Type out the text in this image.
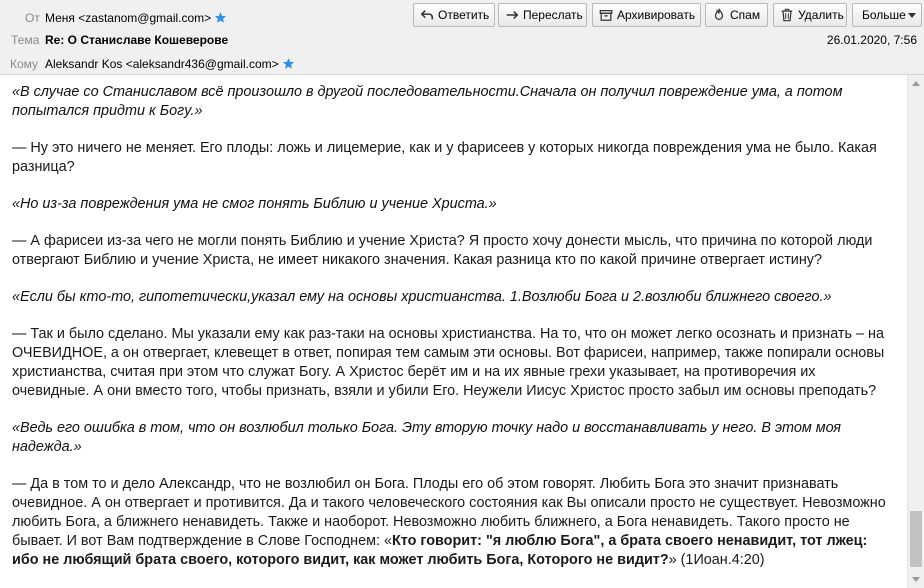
От Меня <zastanom@gmail.com>
Тема Re: О Станиславе Кошеверове	26.01.2020, 7:56
Кому Aleksandr Kos <aleksandr436@gmail.com>
Ответить	Переслать	Архивировать	Спам	Удалить Больше

«В случае со Станиславом всё произошло в другой последовательности.Сначала он получил повреждение ума, а потом попытался придти к Богу.»

— Ну это ничего не меняет. Его плоды: ложь и лицемерие, как и у фарисеев у которых никогда повреждения ума не было. Какая разница?

«Но из-за повреждения ума не смог понять Библию и учение Христа.»

— А фарисеи из-за чего не могли понять Библию и учение Христа? Я просто хочу донести мысль, что причина по которой люди отвергают Библию и учение Христа, не имеет никакого значения. Какая разница кто по какой причине отвергает истину?

«Если бы кто-то, гипотетически,указал ему на основы христианства. 1.Возлюби Бога и 2.возлюби ближнего своего.»

— Так и было сделано. Мы указали ему как раз-таки на основы христианства. На то, что он может легко осознать и признать – на ОЧЕВИДНОЕ, а он отвергает, клевещет в ответ, попирая тем самым эти основы. Вот фарисеи, например, также попирали основы христианства, считая при этом что служат Богу. А Христос берёт им и на их явные грехи указывает, на противоречия их очевидные. А они вместо того, чтобы признать, взяли и убили Его. Неужели Иисус Христос просто забыл им основы преподать?

«Ведь его ошибка в том, что он возлюбил только Бога. Эту вторую точку надо и восстанавливать у него. В этом моя надежда.»

— Да в том то и дело Александр, что не возлюбил он Бога. Плоды его об этом говорят. Любить Бога это значит признавать очевидное. А он отвергает и противится. Да и такого человеческого состояния как Вы описали просто не существует. Невозможно любить Бога, а ближнего ненавидеть. Также и наоборот. Невозможно любить ближнего, а Бога ненавидеть. Такого просто не бывает. И вот Вам подтверждение в Слове Господнем: «Кто говорит: "я люблю Бога", а брата своего ненавидит, тот лжец: ибо не любящий брата своего, которого видит, как может любить Бога, Которого не видит?» (1Иоан.4:20)
